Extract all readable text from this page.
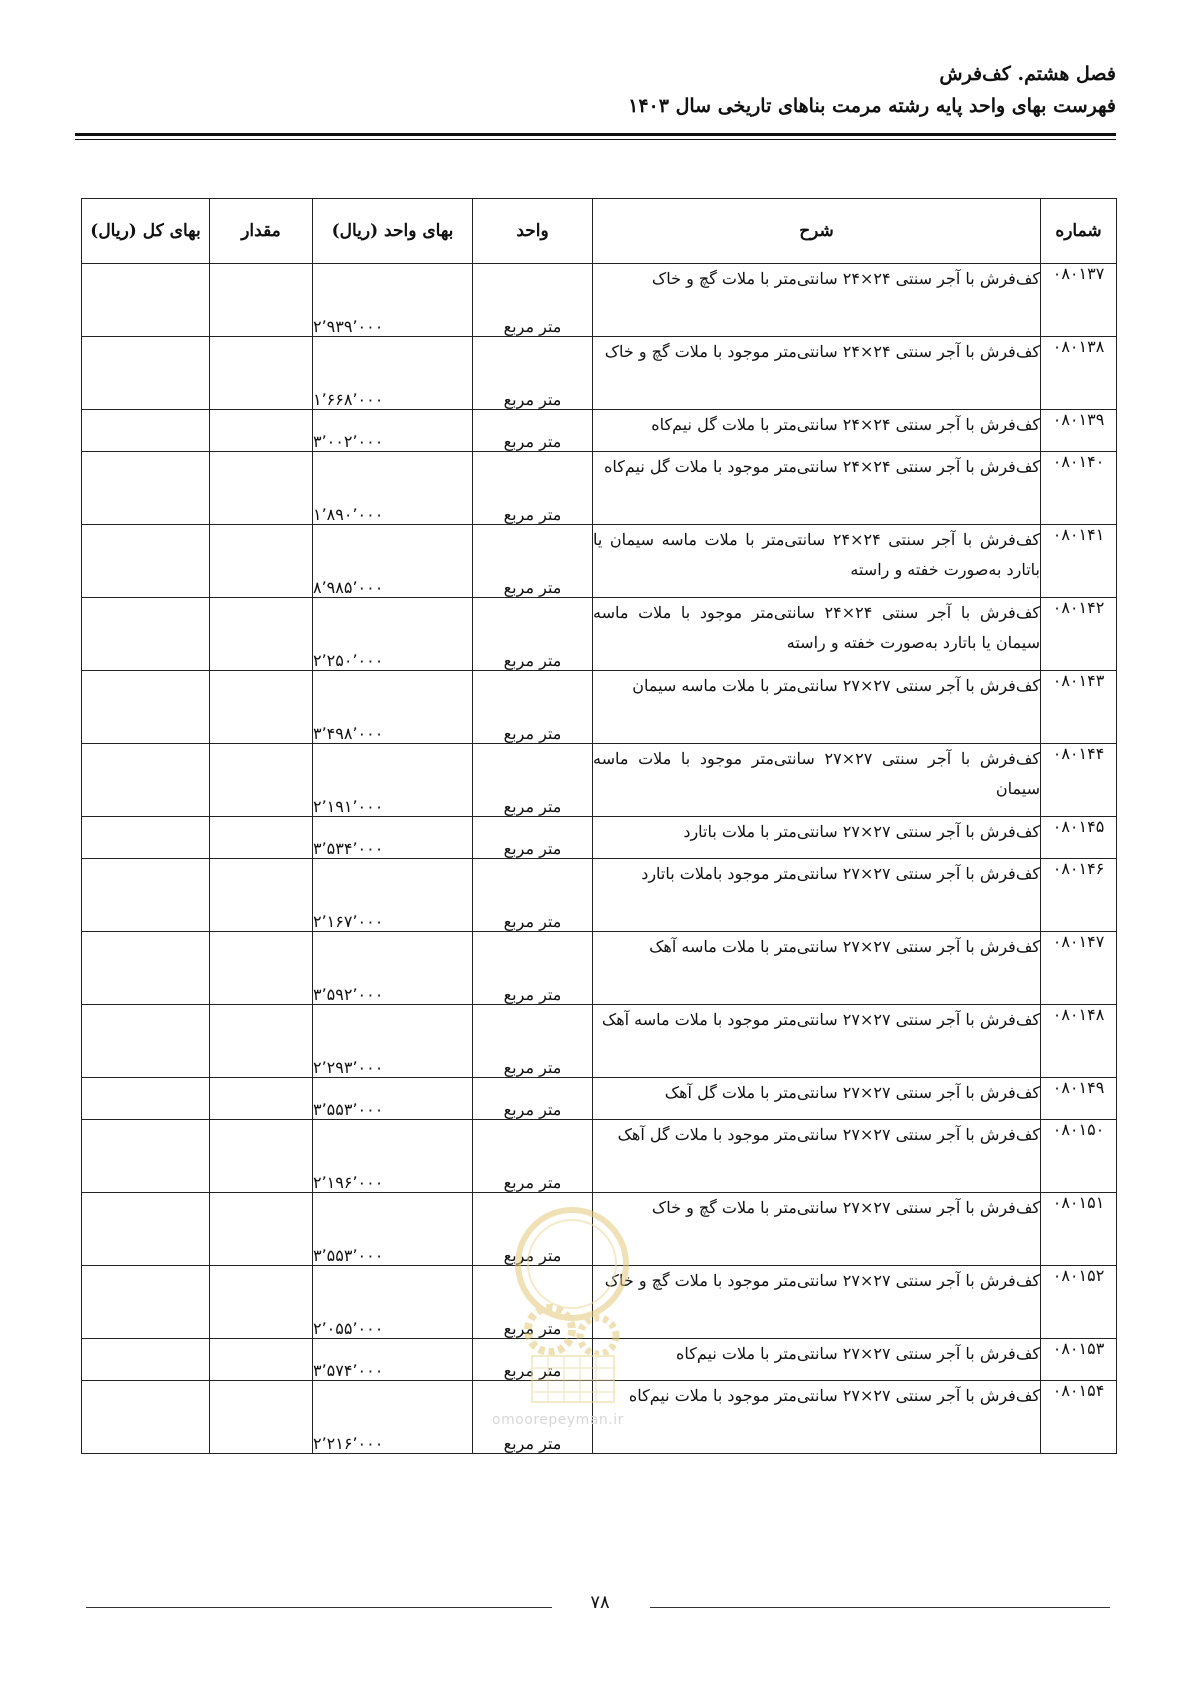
فصل هشتم. کف‌فرش
فهرست بهای واحد پایه رشته مرمت بناهای تاریخی سال ۱۴۰۳
شماره	شرح	واحد	بهای واحد (ریال)	مقدار	بهای کل (ریال)
۰۸۰۱۳۷	کف‌فرش با آجر سنتی ۲۴×۲۴ سانتی‌متر با ملات گچ و خاک	متر مربع	۲٬۹۳۹٬۰۰۰		
۰۸۰۱۳۸	کف‌فرش با آجر سنتی ۲۴×۲۴ سانتی‌متر موجود با ملات گچ و خاک	متر مربع	۱٬۶۶۸٬۰۰۰		
۰۸۰۱۳۹	کف‌فرش با آجر سنتی ۲۴×۲۴ سانتی‌متر با ملات گل نیم‌کاه	متر مربع	۳٬۰۰۲٬۰۰۰		
۰۸۰۱۴۰	کف‌فرش با آجر سنتی ۲۴×۲۴ سانتی‌متر موجود با ملات گل نیم‌کاه	متر مربع	۱٬۸۹۰٬۰۰۰		
۰۸۰۱۴۱	کف‌فرش با آجر سنتی ۲۴×۲۴ سانتی‌متر با ملات ماسه سیمان یا باتارد به‌صورت خفته و راسته	متر مربع	۸٬۹۸۵٬۰۰۰		
۰۸۰۱۴۲	کف‌فرش با آجر سنتی ۲۴×۲۴ سانتی‌متر موجود با ملات ماسه سیمان یا باتارد به‌صورت خفته و راسته	متر مربع	۲٬۲۵۰٬۰۰۰		
۰۸۰۱۴۳	کف‌فرش با آجر سنتی ۲۷×۲۷ سانتی‌متر با ملات ماسه سیمان	متر مربع	۳٬۴۹۸٬۰۰۰		
۰۸۰۱۴۴	کف‌فرش با آجر سنتی ۲۷×۲۷ سانتی‌متر موجود با ملات ماسه سیمان	متر مربع	۲٬۱۹۱٬۰۰۰		
۰۸۰۱۴۵	کف‌فرش با آجر سنتی ۲۷×۲۷ سانتی‌متر با ملات باتارد	متر مربع	۳٬۵۳۴٬۰۰۰		
۰۸۰۱۴۶	کف‌فرش با آجر سنتی ۲۷×۲۷ سانتی‌متر موجود باملات باتارد	متر مربع	۲٬۱۶۷٬۰۰۰		
۰۸۰۱۴۷	کف‌فرش با آجر سنتی ۲۷×۲۷ سانتی‌متر با ملات ماسه آهک	متر مربع	۳٬۵۹۲٬۰۰۰		
۰۸۰۱۴۸	کف‌فرش با آجر سنتی ۲۷×۲۷ سانتی‌متر موجود با ملات ماسه آهک	متر مربع	۲٬۲۹۳٬۰۰۰		
۰۸۰۱۴۹	کف‌فرش با آجر سنتی ۲۷×۲۷ سانتی‌متر با ملات گل آهک	متر مربع	۳٬۵۵۳٬۰۰۰		
۰۸۰۱۵۰	کف‌فرش با آجر سنتی ۲۷×۲۷ سانتی‌متر موجود با ملات گل آهک	متر مربع	۲٬۱۹۶٬۰۰۰		
۰۸۰۱۵۱	کف‌فرش با آجر سنتی ۲۷×۲۷ سانتی‌متر با ملات گچ و خاک	متر مربع	۳٬۵۵۳٬۰۰۰		
۰۸۰۱۵۲	کف‌فرش با آجر سنتی ۲۷×۲۷ سانتی‌متر موجود با ملات گچ و خاک	متر مربع	۲٬۰۵۵٬۰۰۰		
۰۸۰۱۵۳	کف‌فرش با آجر سنتی ۲۷×۲۷ سانتی‌متر با ملات نیم‌کاه	متر مربع	۳٬۵۷۴٬۰۰۰		
۰۸۰۱۵۴	کف‌فرش با آجر سنتی ۲۷×۲۷ سانتی‌متر موجود با ملات نیم‌کاه	متر مربع	۲٬۲۱۶٬۰۰۰		
omoorepeyman.ir
۷۸
